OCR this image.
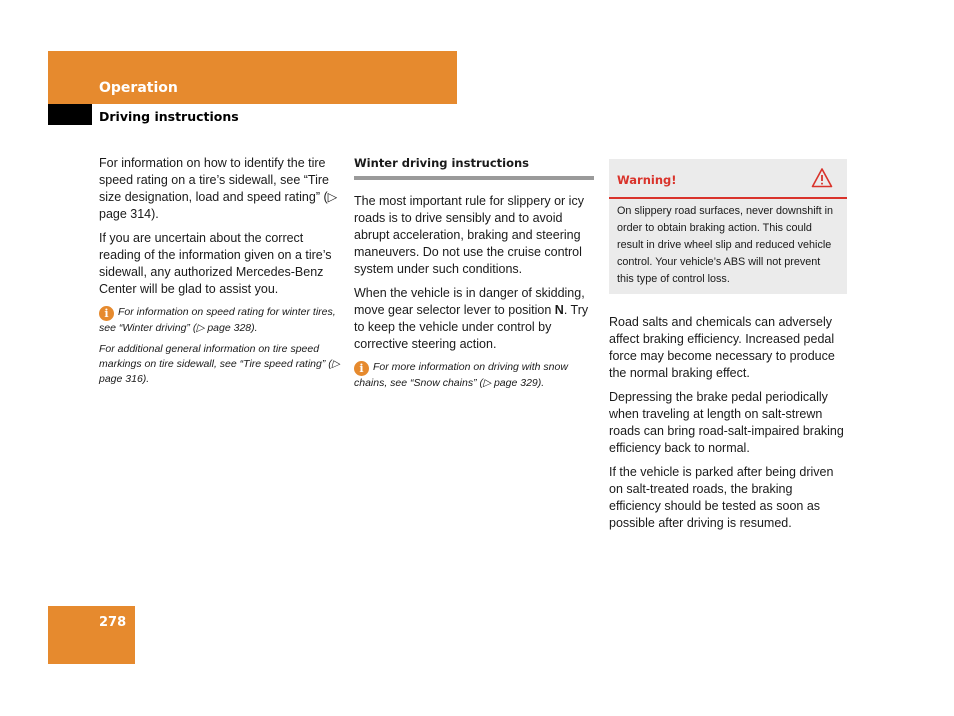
Operation
Driving instructions

For information on how to identify the tire speed rating on a tire’s sidewall, see “Tire size designation, load and speed rating” (▷ page 314).

If you are uncertain about the correct reading of the information given on a tire’s sidewall, any authorized Mercedes-Benz Center will be glad to assist you.

i For information on speed rating for winter tires, see “Winter driving” (▷ page 328).
For additional general information on tire speed markings on tire sidewall, see “Tire speed rating” (▷ page 316).
Winter driving instructions

The most important rule for slippery or icy roads is to drive sensibly and to avoid abrupt acceleration, braking and steering maneuvers. Do not use the cruise control system under such conditions.

When the vehicle is in danger of skidding, move gear selector lever to position N. Try to keep the vehicle under control by corrective steering action.

i For more information on driving with snow chains, see “Snow chains” (▷ page 329).
Warning!
On slippery road surfaces, never downshift in order to obtain braking action. This could result in drive wheel slip and reduced vehicle control. Your vehicle’s ABS will not prevent this type of control loss.

Road salts and chemicals can adversely affect braking efficiency. Increased pedal force may become necessary to produce the normal braking effect.

Depressing the brake pedal periodically when traveling at length on salt-strewn roads can bring road-salt-impaired braking efficiency back to normal.

If the vehicle is parked after being driven on salt-treated roads, the braking efficiency should be tested as soon as possible after driving is resumed.

278
